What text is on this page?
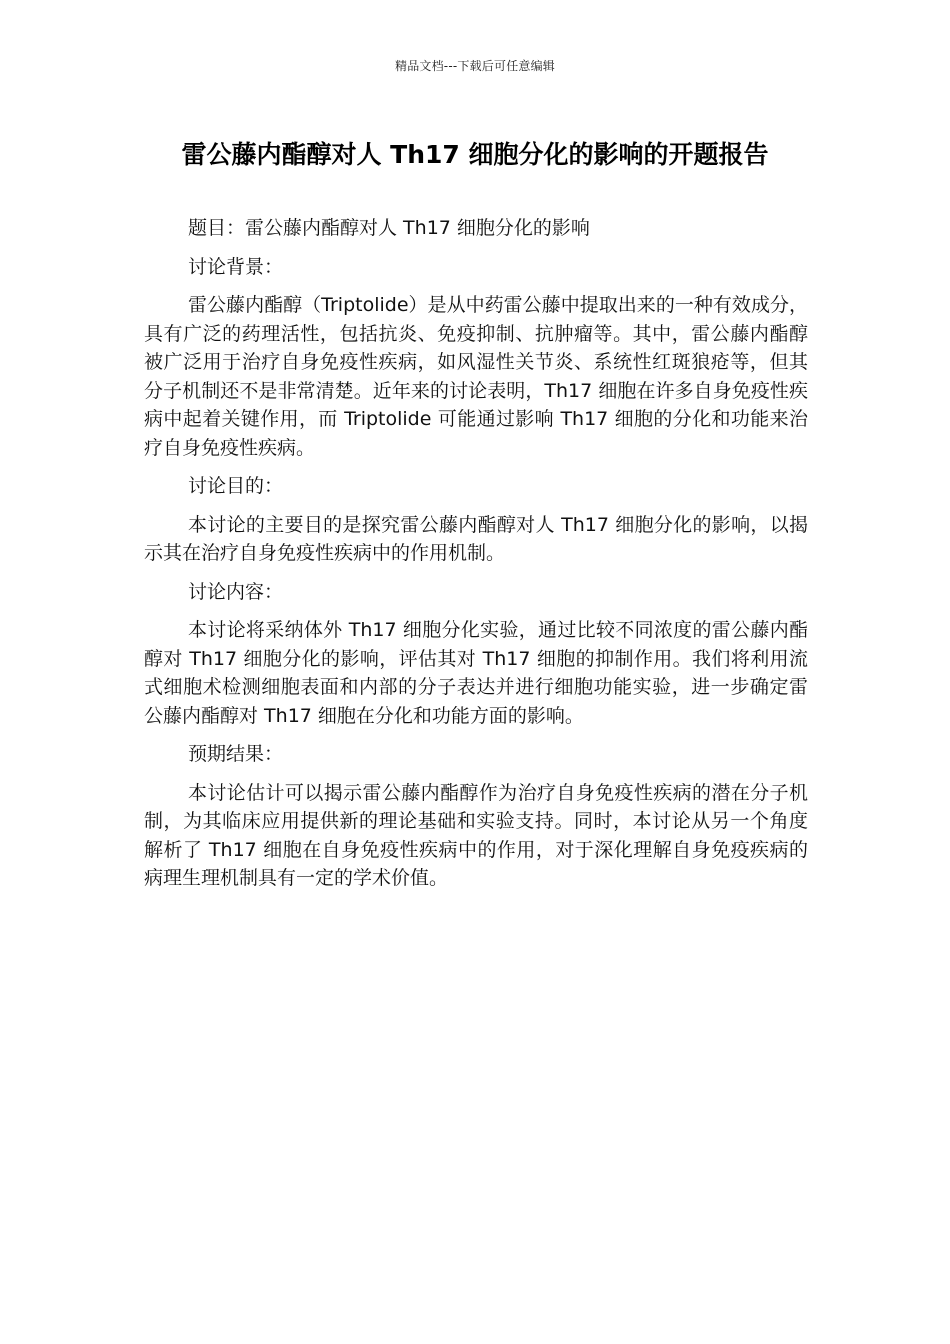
精品文档---下载后可任意编辑
雷公藤内酯醇对人 Th17 细胞分化的影响的开题报告

题目：雷公藤内酯醇对人 Th17 细胞分化的影响

讨论背景：

雷公藤内酯醇（Triptolide）是从中药雷公藤中提取出来的一种有效成分，具有广泛的药理活性，包括抗炎、免疫抑制、抗肿瘤等。其中，雷公藤内酯醇被广泛用于治疗自身免疫性疾病，如风湿性关节炎、系统性红斑狼疮等，但其分子机制还不是非常清楚。近年来的讨论表明，Th17 细胞在许多自身免疫性疾病中起着关键作用，而 Triptolide 可能通过影响 Th17 细胞的分化和功能来治疗自身免疫性疾病。

讨论目的：

本讨论的主要目的是探究雷公藤内酯醇对人 Th17 细胞分化的影响，以揭示其在治疗自身免疫性疾病中的作用机制。

讨论内容：

本讨论将采纳体外 Th17 细胞分化实验，通过比较不同浓度的雷公藤内酯醇对 Th17 细胞分化的影响，评估其对 Th17 细胞的抑制作用。我们将利用流式细胞术检测细胞表面和内部的分子表达并进行细胞功能实验，进一步确定雷公藤内酯醇对 Th17 细胞在分化和功能方面的影响。

预期结果：

本讨论估计可以揭示雷公藤内酯醇作为治疗自身免疫性疾病的潜在分子机制，为其临床应用提供新的理论基础和实验支持。同时，本讨论从另一个角度解析了 Th17 细胞在自身免疫性疾病中的作用，对于深化理解自身免疫疾病的病理生理机制具有一定的学术价值。
